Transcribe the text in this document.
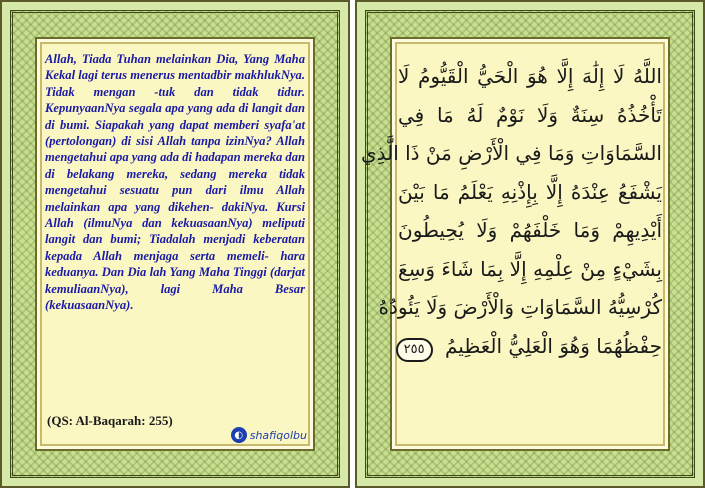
Allah, Tiada Tuhan melainkan Dia, Yang Maha Kekal lagi terus menerus mentadbir makhlukNya. Tidak mengan -tuk dan tidak tidur. KepunyaanNya segala apa yang ada di langit dan di bumi. Siapakah yang dapat memberi syafa'at (pertolongan) di sisi Allah tanpa izinNya? Allah mengetahui apa yang ada di hadapan mereka dan di belakang mereka, sedang mereka tidak mengetahui sesuatu pun dari ilmu Allah melainkan apa yang dikehen- dakiNya. Kursi Allah (ilmuNya dan kekuasaanNya) meliputi langit dan bumi; Tiadalah menjadi keberatan kepada Allah menjaga serta memeli- hara keduanya. Dan Dia lah Yang Maha Tinggi (darjat kemuliaanNya), lagi Maha Besar (kekuasaanNya).

(QS: Al-Baqarah: 255)
◐ shafiqolbu
اللَّهُ لَا إِلَٰهَ إِلَّا هُوَ الْحَيُّ الْقَيُّومُ لَا
تَأْخُذُهُ سِنَةٌ وَلَا نَوْمٌ لَهُ مَا فِي
السَّمَاوَاتِ وَمَا فِي الْأَرْضِ مَنْ ذَا الَّذِي
يَشْفَعُ عِنْدَهُ إِلَّا بِإِذْنِهِ يَعْلَمُ مَا بَيْنَ
أَيْدِيهِمْ وَمَا خَلْفَهُمْ وَلَا يُحِيطُونَ
بِشَيْءٍ مِنْ عِلْمِهِ إِلَّا بِمَا شَاءَ وَسِعَ
كُرْسِيُّهُ السَّمَاوَاتِ وَالْأَرْضَ وَلَا يَئُودُهُ
حِفْظُهُمَا وَهُوَ الْعَلِيُّ الْعَظِيمُ ٢٥٥
